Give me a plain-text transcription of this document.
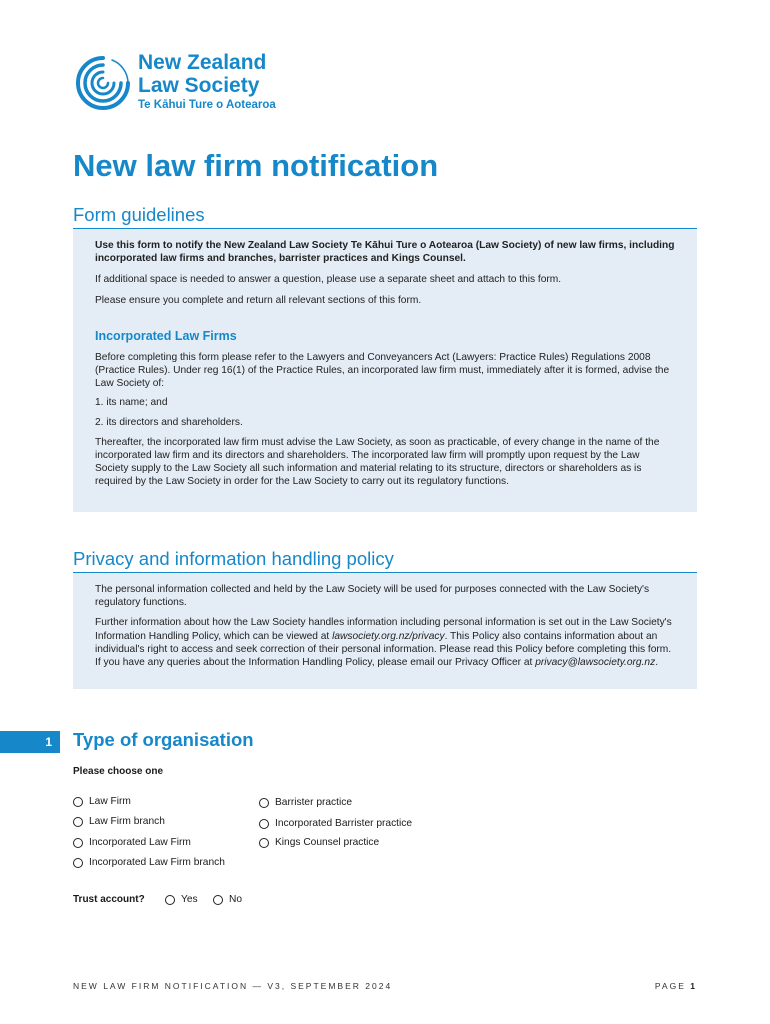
New Zealand
Law Society
Te Kāhui Ture o Aotearoa
New law firm notification
Form guidelines

Use this form to notify the New Zealand Law Society Te Kāhui Ture o Aotearoa (Law Society) of new law firms, including incorporated law firms and branches, barrister practices and Kings Counsel.

If additional space is needed to answer a question, please use a separate sheet and attach to this form.

Please ensure you complete and return all relevant sections of this form.

Incorporated Law Firms

Before completing this form please refer to the Lawyers and Conveyancers Act (Lawyers: Practice Rules) Regulations 2008 (Practice Rules). Under reg 16(1) of the Practice Rules, an incorporated law firm must, immediately after it is formed, advise the Law Society of:

1. its name; and

2. its directors and shareholders.

Thereafter, the incorporated law firm must advise the Law Society, as soon as practicable, of every change in the name of the incorporated law firm and its directors and shareholders. The incorporated law firm will promptly upon request by the Law Society supply to the Law Society all such information and material relating to its structure, directors or shareholders as is required by the Law Society in order for the Law Society to carry out its regulatory functions.

Privacy and information handling policy

The personal information collected and held by the Law Society will be used for purposes connected with the Law Society's regulatory functions.

Further information about how the Law Society handles information including personal information is set out in the Law Society's Information Handling Policy, which can be viewed at lawsociety.org.nz/privacy. This Policy also contains information about an individual's right to access and seek correction of their personal information. Please read this Policy before completing this form. If you have any queries about the Information Handling Policy, please email our Privacy Officer at privacy@lawsociety.org.nz.

1	Type of organisation
Please choose one
Law Firm
Law Firm branch
Incorporated Law Firm
Incorporated Law Firm branch
Barrister practice
Incorporated Barrister practice
Kings Counsel practice
Trust account?	Yes	No
NEW LAW FIRM NOTIFICATION — V3, SEPTEMBER 2024	PAGE 1
